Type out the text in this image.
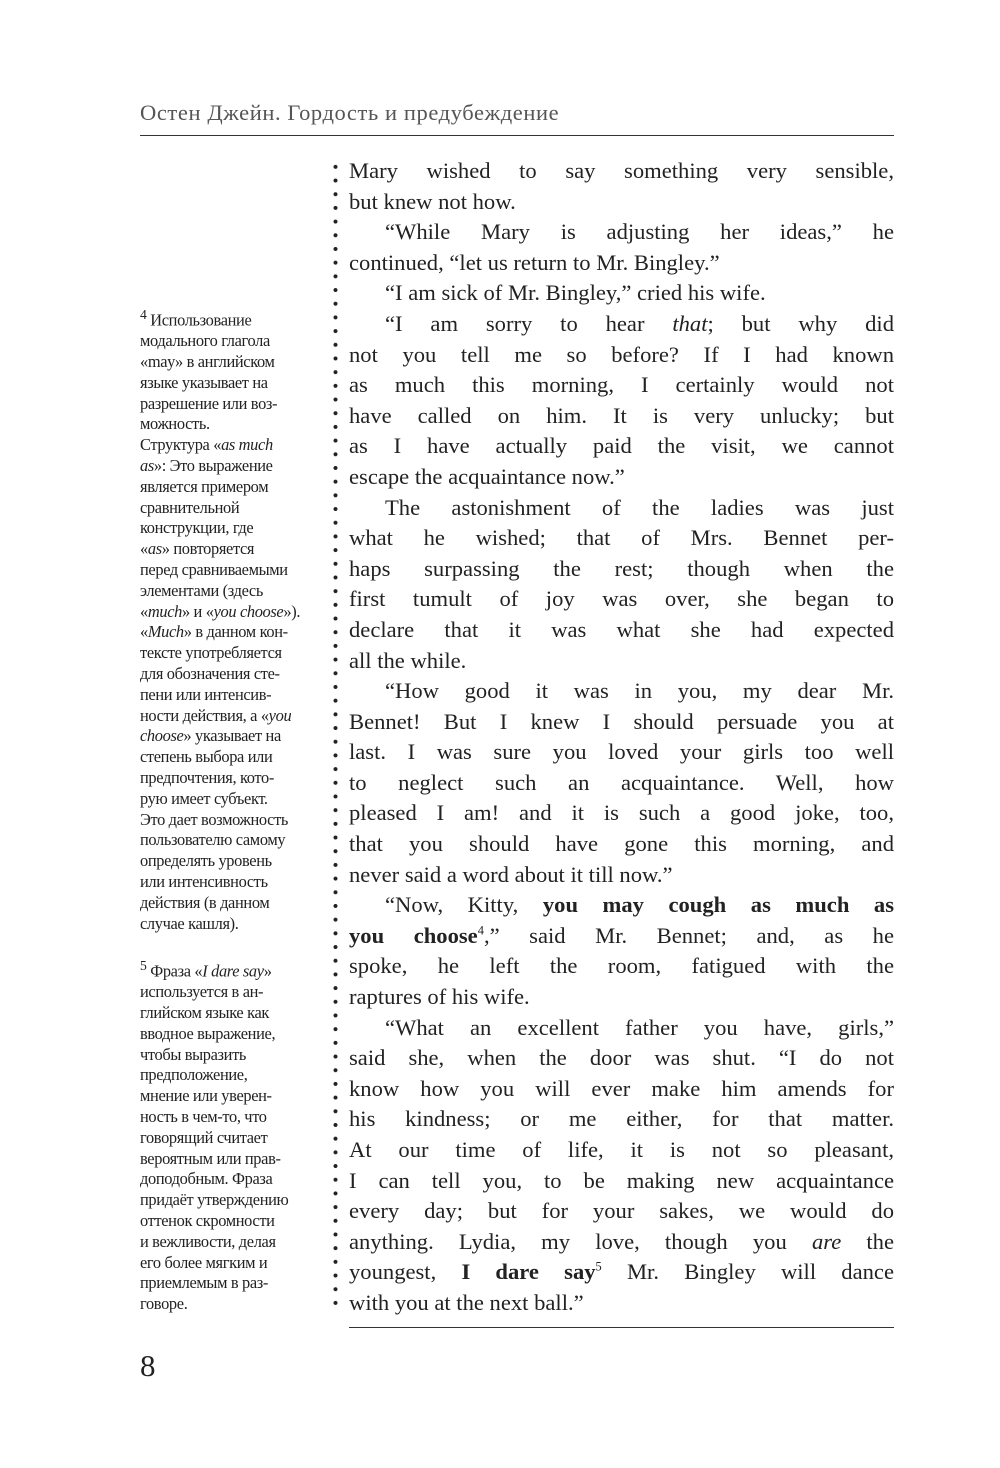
Остен Джейн. Гордость и предубеждение
$^4$ Использование
модального глагола
«may» в английском
языке указывает на
разрешение или воз-
можность.
Структура «as much
as»: Это выражение
является примером
сравнительной
конструкции, где
«as» повторяется
перед сравниваемыми
элементами (здесь
«much» и «you choose»).
«Much» в данном кон-
тексте употребляется
для обозначения сте-
пени или интенсив-
ности действия, а «you
choose» указывает на
степень выбора или
предпочтения, кото-
рую имеет субъект.
Это дает возможность
пользователю самому
определять уровень
или интенсивность
действия (в данном
случае кашля).
$^5$ Фраза «I dare say»
используется в ан-
глийском языке как
вводное выражение,
чтобы выразить
предположение,
мнение или уверен-
ность в чем-то, что
говорящий считает
вероятным или прав-
доподобным. Фраза
придаёт утверждению
оттенок скромности
и вежливости, делая
его более мягким и
приемлемым в раз-
говоре.
Mary wished to say something very sensible,
but knew not how.
“While Mary is adjusting her ideas,” he
continued, “let us return to Mr. Bingley.”
“I am sick of Mr. Bingley,” cried his wife.
“I am sorry to hear that; but why did
not you tell me so before? If I had known
as much this morning, I certainly would not
have called on him. It is very unlucky; but
as I have actually paid the visit, we cannot
escape the acquaintance now.”
The astonishment of the ladies was just
what he wished; that of Mrs. Bennet per-
haps surpassing the rest; though when the
first tumult of joy was over, she began to
declare that it was what she had expected
all the while.
“How good it was in you, my dear Mr.
Bennet! But I knew I should persuade you at
last. I was sure you loved your girls too well
to neglect such an acquaintance. Well, how
pleased I am! and it is such a good joke, too,
that you should have gone this morning, and
never said a word about it till now.”
“Now, Kitty, you may cough as much as
you choose$^4$,” said Mr. Bennet; and, as he
spoke, he left the room, fatigued with the
raptures of his wife.
“What an excellent father you have, girls,”
said she, when the door was shut. “I do not
know how you will ever make him amends for
his kindness; or me either, for that matter.
At our time of life, it is not so pleasant,
I can tell you, to be making new acquaintance
every day; but for your sakes, we would do
anything. Lydia, my love, though you are the
youngest, I dare say$^5$ Mr. Bingley will dance
with you at the next ball.”
8
